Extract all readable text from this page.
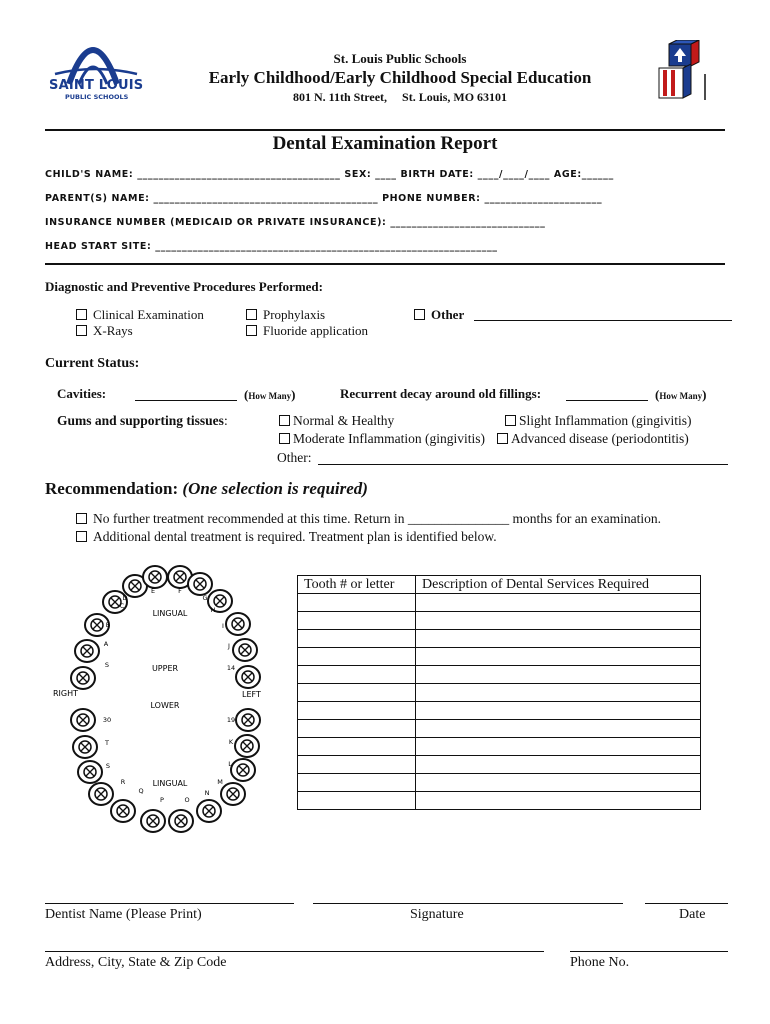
SAINT LOUIS
PUBLIC SCHOOLS
St. Louis Public Schools
Early Childhood/Early Childhood Special Education
801 N. 11th Street,     St. Louis, MO 63101
Dental Examination Report
CHILD'S NAME: ______________________________________ SEX: ____ BIRTH DATE: ____/____/____ AGE:______
PARENT(S) NAME: __________________________________________ PHONE NUMBER: ______________________
INSURANCE NUMBER (MEDICAID OR PRIVATE INSURANCE): _____________________________
HEAD START SITE: ________________________________________________________________
Diagnostic and Preventive Procedures Performed:
Clinical Examination
X-Rays
Prophylaxis
Fluoride application
Other
Current Status:
Cavities:	(How Many)	Recurrent decay around old fillings:	(How Many)
Gums and supporting tissues:	Normal & Healthy	Slight Inflammation (gingivitis)
Moderate Inflammation (gingivitis)	Advanced disease (periodontitis)
Other:
Recommendation: (One selection is required)
No further treatment recommended at this time. Return in _______________ months for an examination.
Additional dental treatment is required. Treatment plan is identified below.
LINGUAL
UPPER
LOWER
LINGUAL
RIGHT	LEFT
D
E	F
G
C	H
B	I
A	J
S	14
30	19
T	K
S	L
R	M
Q
P	O
N
Tooth # or letter	Description of Dental Services Required

Dentist Name (Please Print)	Signature	Date
Address, City, State & Zip Code	Phone No.
